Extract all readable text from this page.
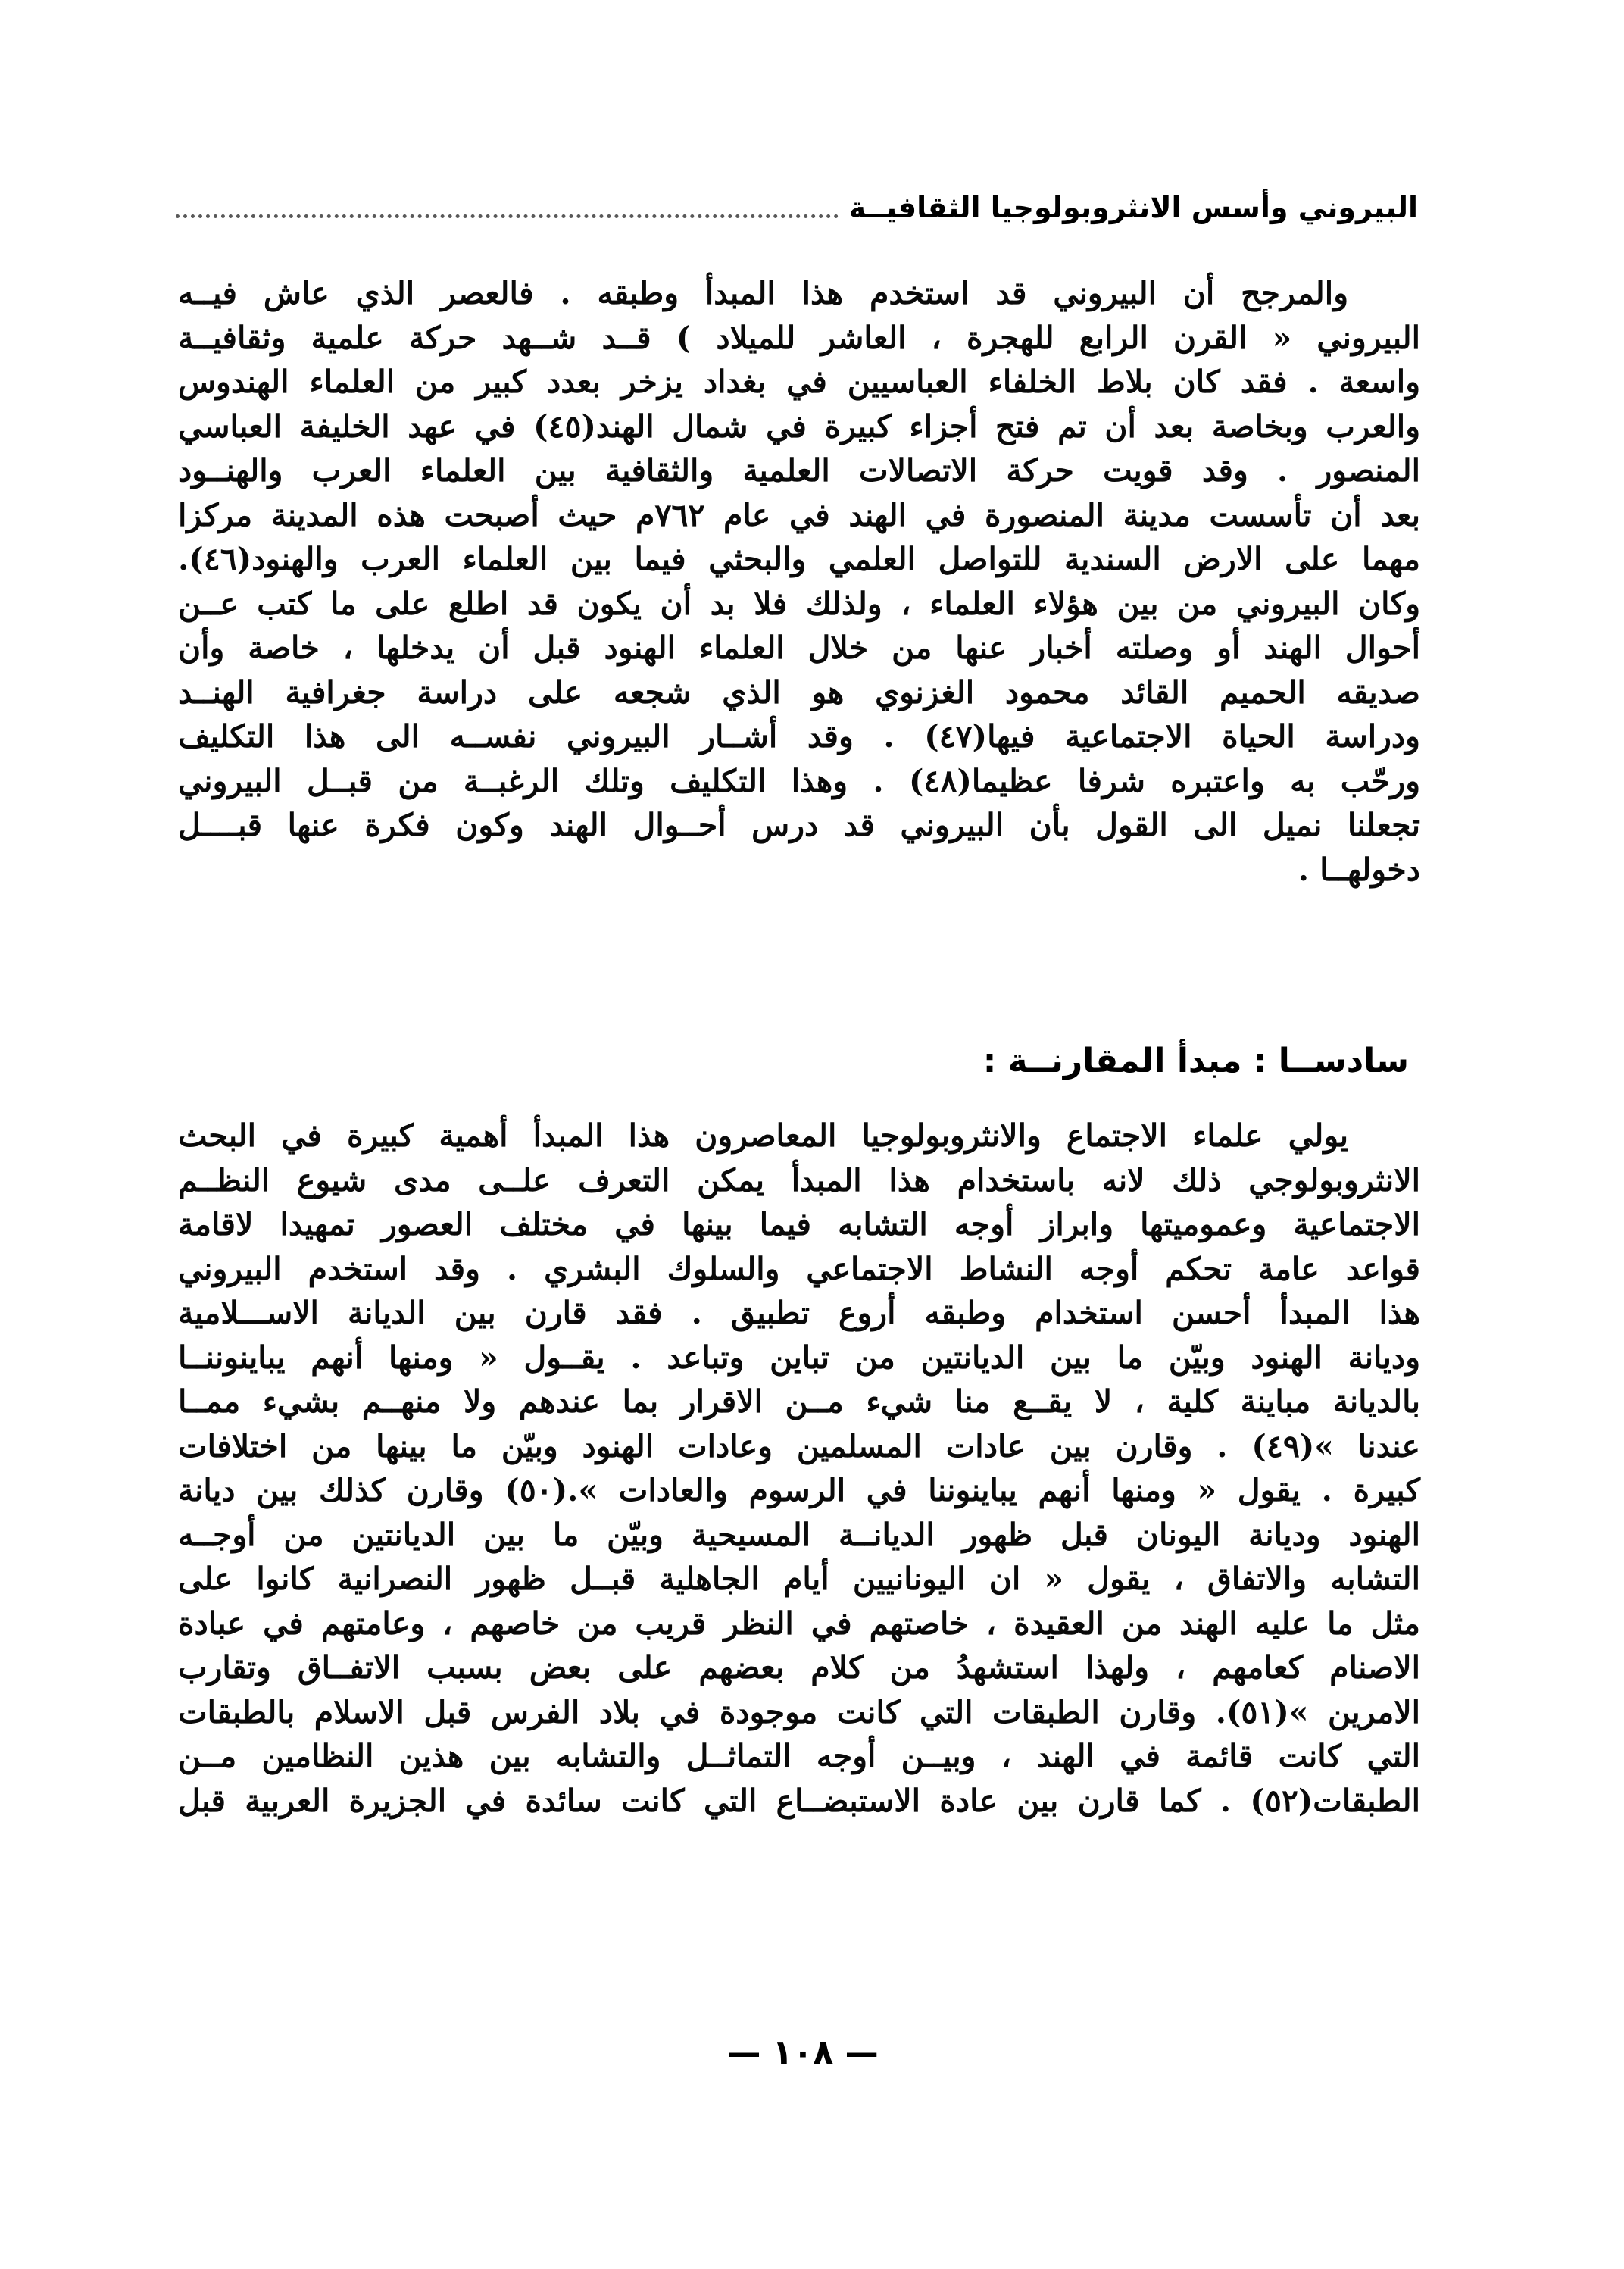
البيروني وأسس الانثروبولوجيا الثقافيــة
والمرجح أن البيروني قد استخدم هذا المبدأ وطبقه . فالعصر الذي عاش فيــه
البيروني « القرن الرابع للهجرة ، العاشر للميلاد ) قــد شــهد حركة علمية وثقافيــة
واسعة . فقد كان بلاط الخلفاء العباسيين في بغداد يزخر بعدد كبير من العلماء الهندوس
والعرب وبخاصة بعد أن تم فتح أجزاء كبيرة في شمال الهند(٤٥) في عهد الخليفة العباسي
المنصور . وقد قويت حركة الاتصالات العلمية والثقافية بين العلماء العرب والهنــود
بعد أن تأسست مدينة المنصورة في الهند في عام ٧٦٢م حيث أصبحت هذه المدينة مركزا
مهما على الارض السندية للتواصل العلمي والبحثي فيما بين العلماء العرب والهنود(٤٦).
وكان البيروني من بين هؤلاء العلماء ، ولذلك فلا بد أن يكون قد اطلع على ما كتب عــن
أحوال الهند أو وصلته أخبار عنها من خلال العلماء الهنود قبل أن يدخلها ، خاصة وأن
صديقه الحميم القائد محمود الغزنوي هو الذي شجعه على دراسة جغرافية الهنــد
ودراسة الحياة الاجتماعية فيها(٤٧) . وقد أشــار البيروني نفســه الى هذا التكليف
ورحّب به واعتبره شرفا عظيما(٤٨) . وهذا التكليف وتلك الرغبــة من قبــل البيروني
تجعلنا نميل الى القول بأن البيروني قد درس أحــوال الهند وكون فكرة عنها قبــــل
دخولهــا .
سادســا : مبدأ المقارنــة :
يولي علماء الاجتماع والانثروبولوجيا المعاصرون هذا المبدأ أهمية كبيرة في البحث
الانثروبولوجي ذلك لانه باستخدام هذا المبدأ يمكن التعرف علــى مدى شيوع النظــم
الاجتماعية وعموميتها وابراز أوجه التشابه فيما بينها في مختلف العصور تمهيدا لاقامة
قواعد عامة تحكم أوجه النشاط الاجتماعي والسلوك البشري . وقد استخدم البيروني
هذا المبدأ أحسن استخدام وطبقه أروع تطبيق . فقد قارن بين الديانة الاســـلامية
وديانة الهنود وبيّن ما بين الديانتين من تباين وتباعد . يقــول « ومنها أنهم يباينوننــا
بالديانة مباينة كلية ، لا يقــع منا شيء مــن الاقرار بما عندهم ولا منهــم بشيء ممــا
عندنا »(٤٩) . وقارن بين عادات المسلمين وعادات الهنود وبيّن ما بينها من اختلافات
كبيرة . يقول « ومنها أنهم يباينوننا في الرسوم والعادات ».(٥٠) وقارن كذلك بين ديانة
الهنود وديانة اليونان قبل ظهور الديانــة المسيحية وبيّن ما بين الديانتين من أوجــه
التشابه والاتفاق ، يقول « ان اليونانيين أيام الجاهلية قبــل ظهور النصرانية كانوا على
مثل ما عليه الهند من العقيدة ، خاصتهم في النظر قريب من خاصهم ، وعامتهم في عبادة
الاصنام كعامهم ، ولهذا استشهدُ من كلام بعضهم على بعض بسبب الاتفــاق وتقارب
الامرين »(٥١). وقارن الطبقات التي كانت موجودة في بلاد الفرس قبل الاسلام بالطبقات
التي كانت قائمة في الهند ، وبيــن أوجه التماثــل والتشابه بين هذين النظامين مــن
الطبقات(٥٢) . كما قارن بين عادة الاستبضــاع التي كانت سائدة في الجزيرة العربية قبل
— ١٠٨ —
